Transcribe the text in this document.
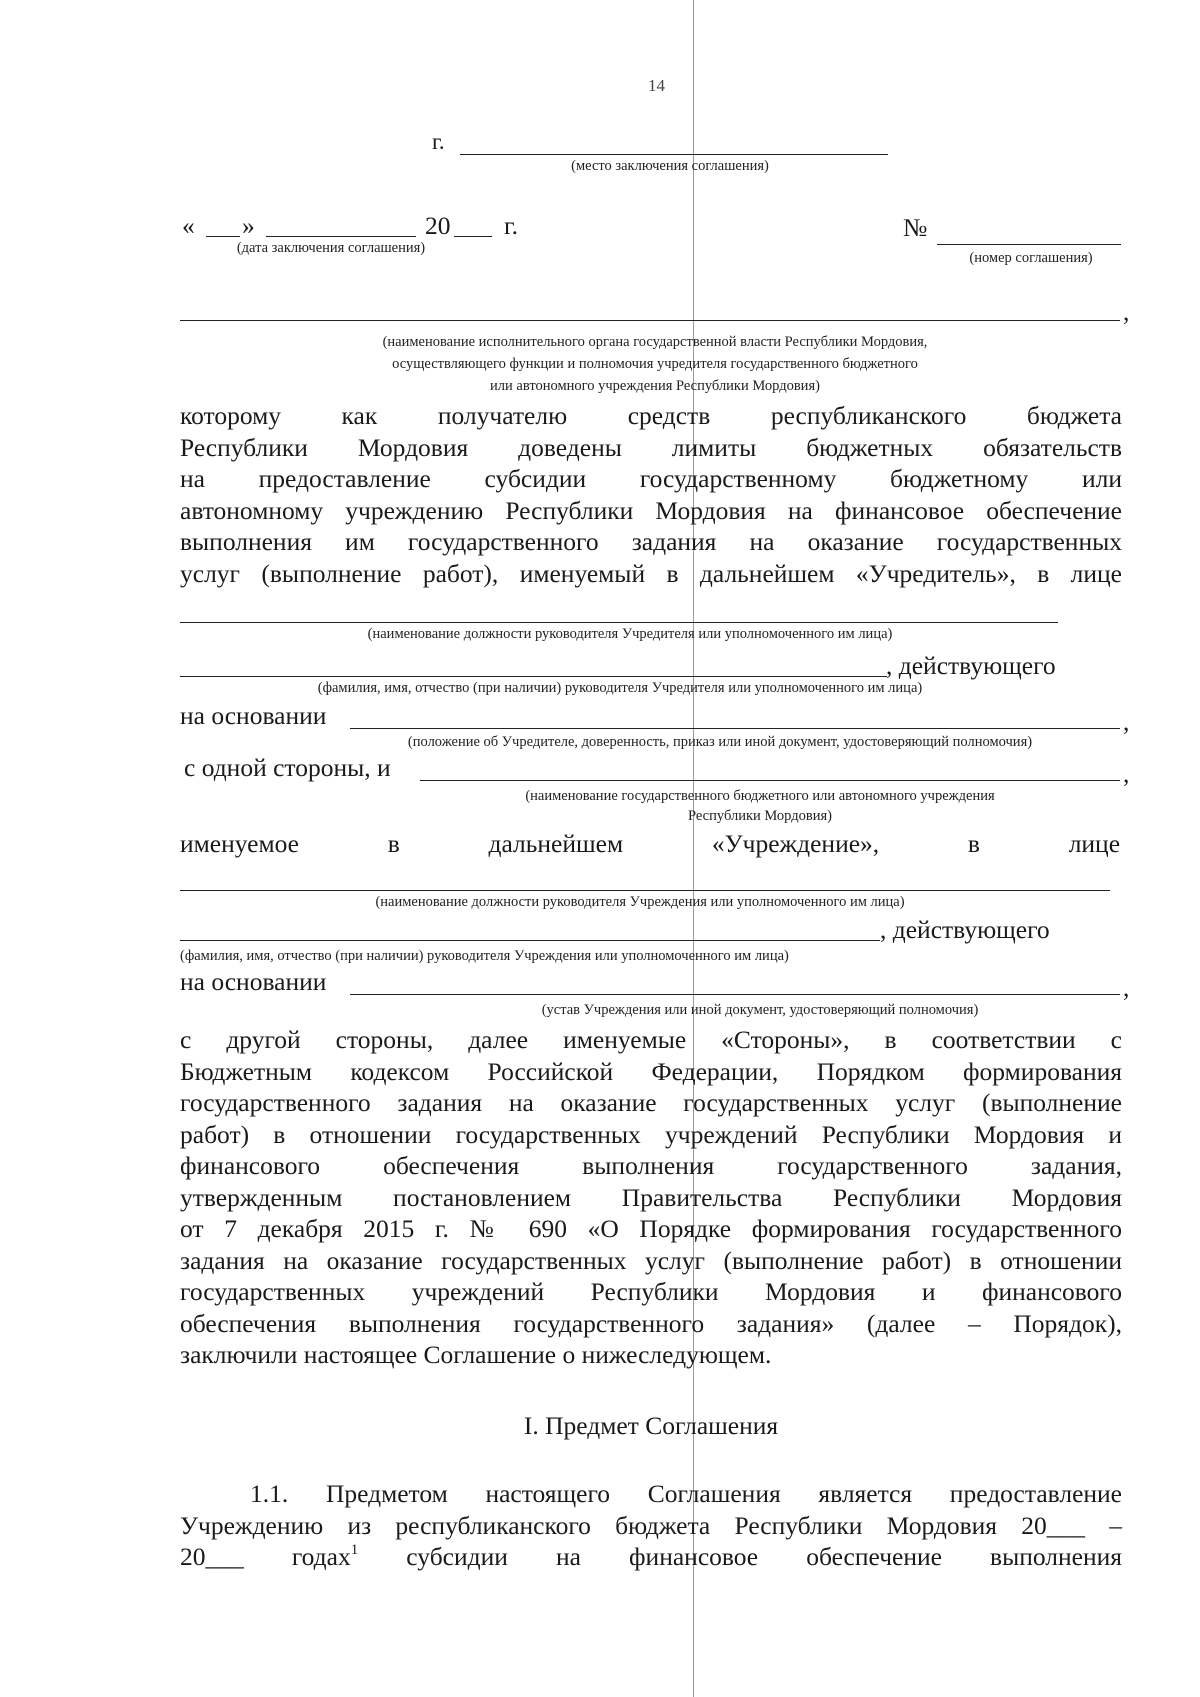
14
г.
(место заключения соглашения)
« »	20 г.
(дата заключения соглашения)
№
(номер соглашения)
,
(наименование исполнительного органа государственной власти Республики Мордовия,
осуществляющего функции и полномочия учредителя государственного бюджетного
или автономного учреждения Республики Мордовия)
которому как получателю средств республиканского бюджета
Республики Мордовия доведены лимиты бюджетных обязательств
на предоставление субсидии государственному бюджетному или
автономному учреждению Республики Мордовия на финансовое обеспечение
выполнения им государственного задания на оказание государственных
услуг (выполнение работ), именуемый в дальнейшем «Учредитель», в лице
(наименование должности руководителя Учредителя или уполномоченного им лица)
, действующего
(фамилия, имя, отчество (при наличии) руководителя Учредителя или уполномоченного им лица)
на основании	,
(положение об Учредителе, доверенность, приказ или иной документ, удостоверяющий полномочия)
с одной стороны, и	,
(наименование государственного бюджетного или автономного учреждения
Республики Мордовия)
именуемое	в	дальнейшем	«Учреждение»,	в	лице
(наименование должности руководителя Учреждения или уполномоченного им лица)
, действующего
(фамилия, имя, отчество (при наличии) руководителя Учреждения или уполномоченного им лица)
на основании	,
(устав Учреждения или иной документ, удостоверяющий полномочия)
с другой стороны, далее именуемые «Стороны», в соответствии с
Бюджетным кодексом Российской Федерации, Порядком формирования
государственного задания на оказание государственных услуг (выполнение
работ) в отношении государственных учреждений Республики Мордовия и
финансового обеспечения выполнения государственного задания,
утвержденным постановлением Правительства Республики Мордовия
от 7 декабря 2015 г. № 690 «О Порядке формирования государственного
задания на оказание государственных услуг (выполнение работ) в отношении
государственных учреждений Республики Мордовия и финансового
обеспечения выполнения государственного задания» (далее – Порядок),
заключили настоящее Соглашение о нижеследующем.
I. Предмет Соглашения
1.1. Предметом настоящего Соглашения является предоставление
Учреждению из республиканского бюджета Республики Мордовия 20___ –
20___ годах$^1$ субсидии на финансовое обеспечение выполнения
